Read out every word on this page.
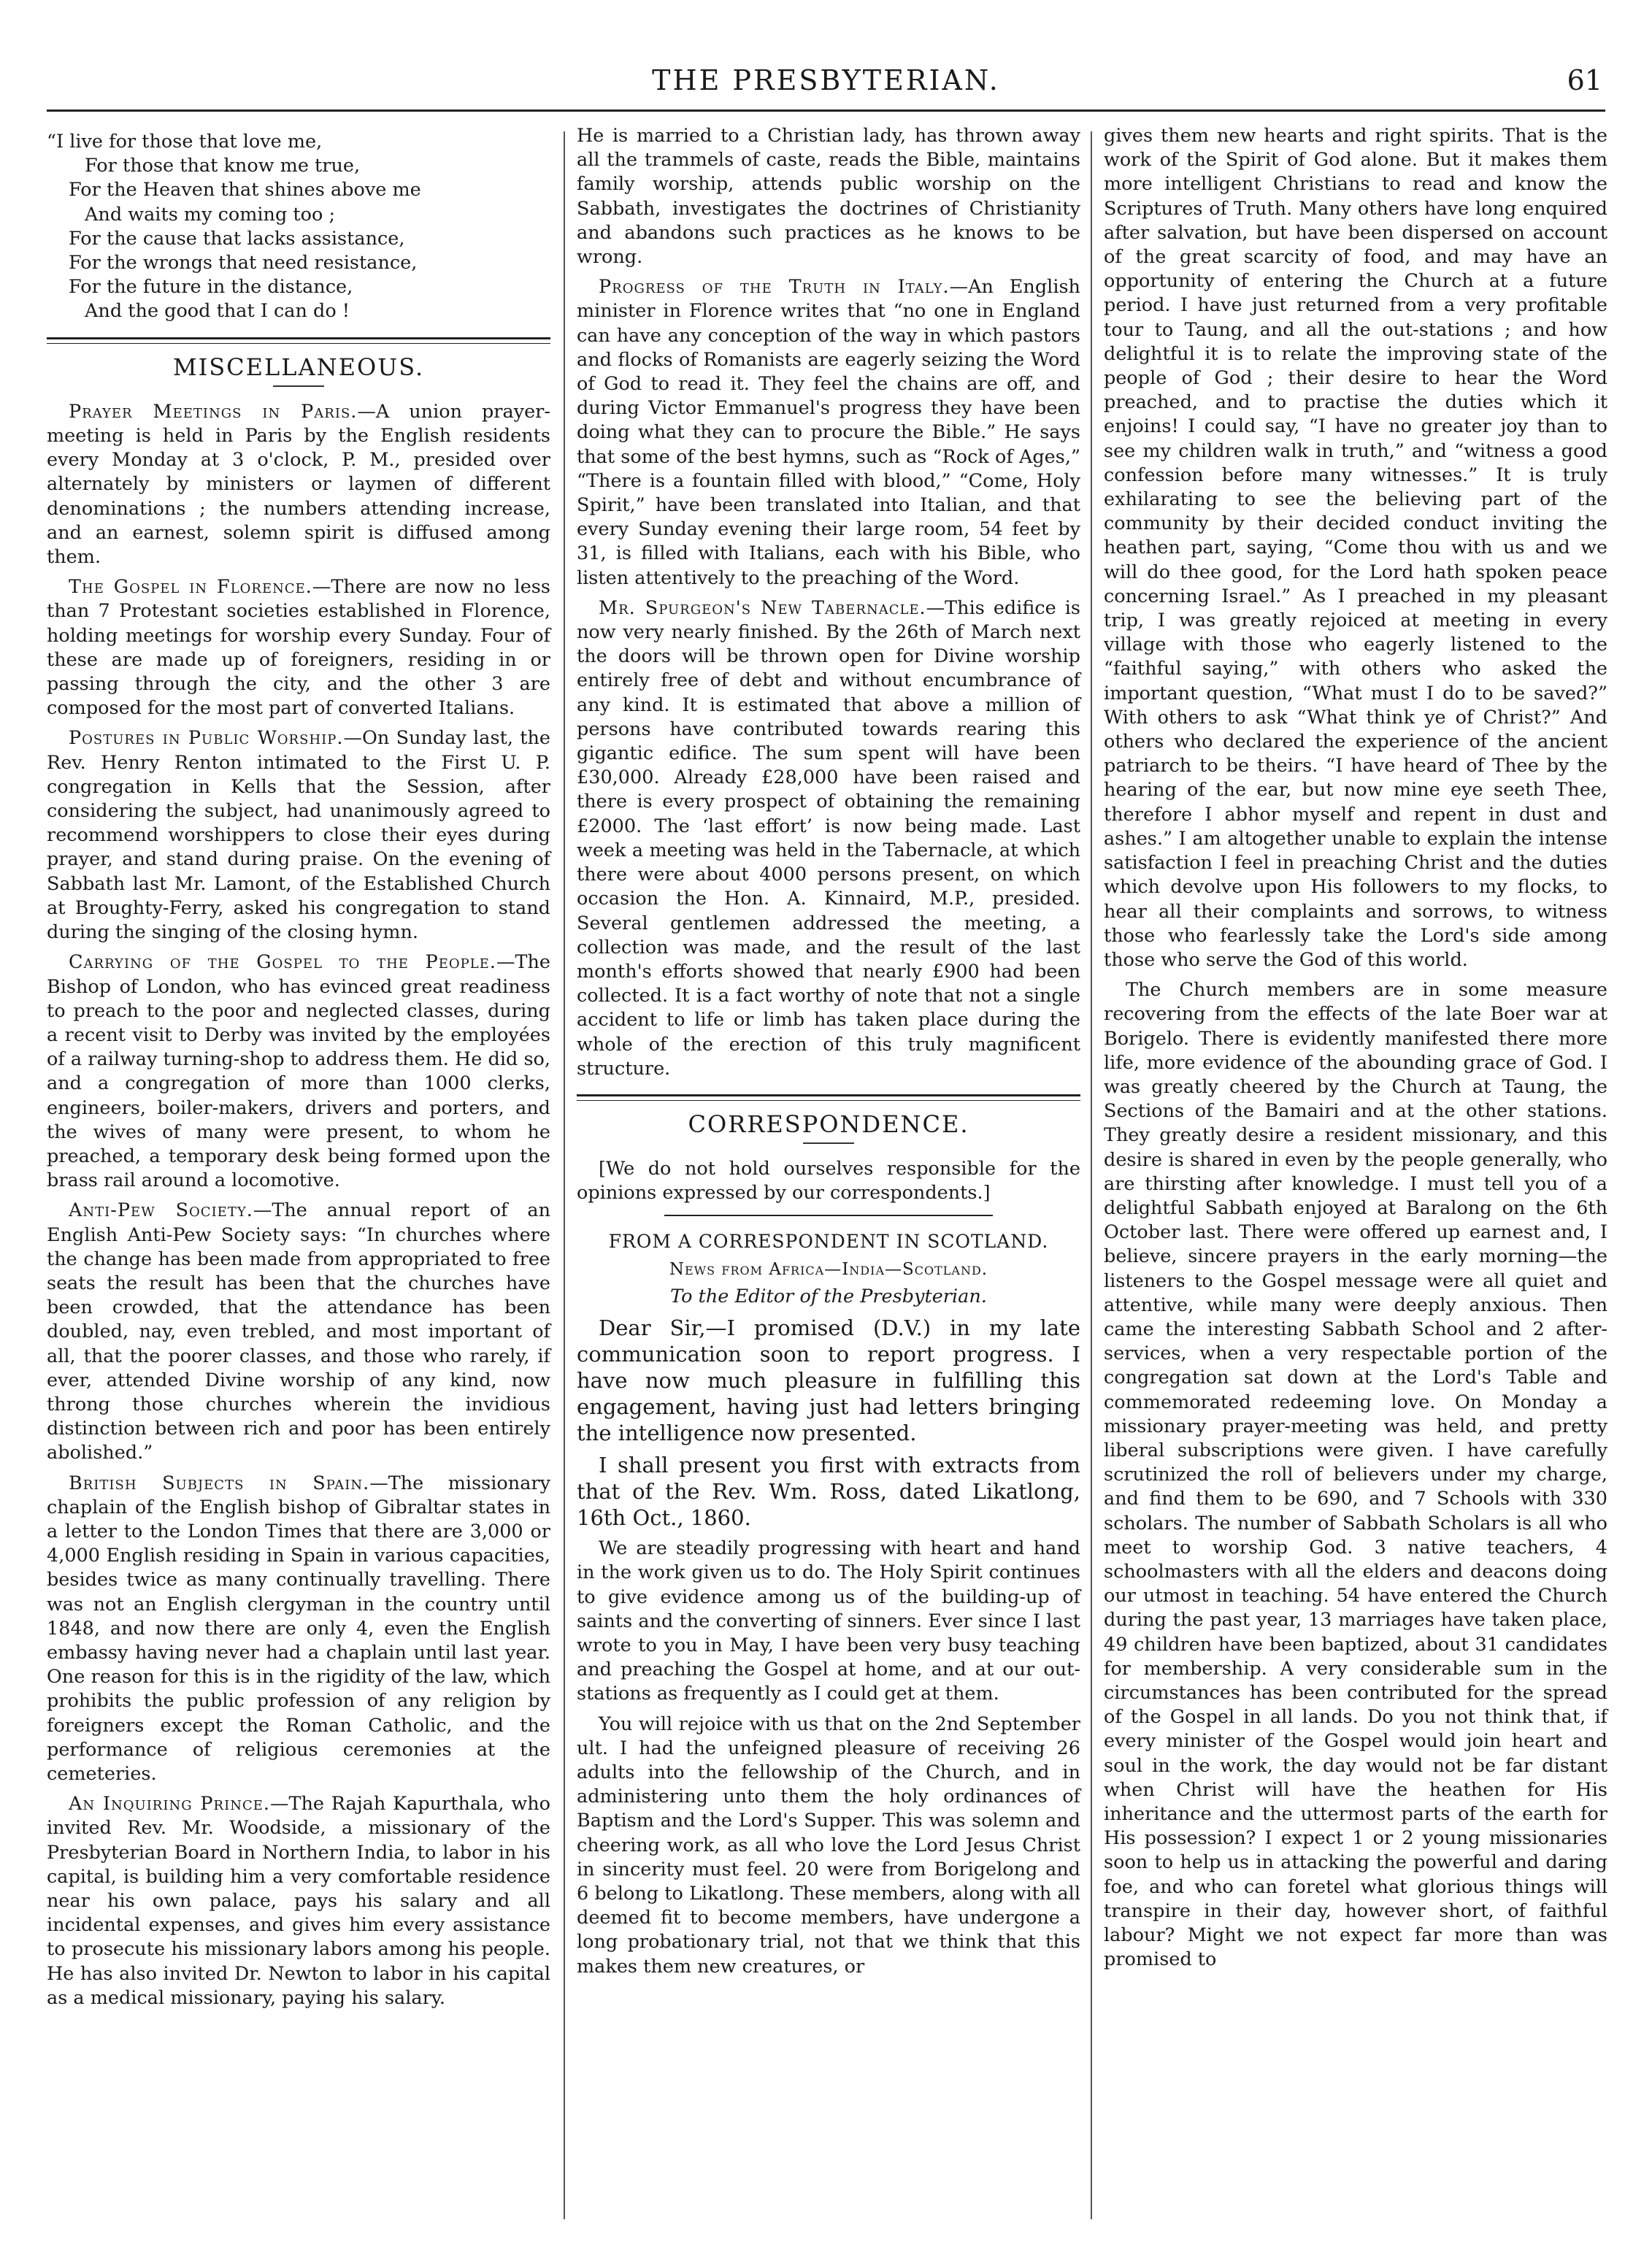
THE PRESBYTERIAN.	61
“I live for those that love me,
For those that know me true,
For the Heaven that shines above me
And waits my coming too ;
For the cause that lacks assistance,
For the wrongs that need resistance,
For the future in the distance,
And the good that I can do !
MISCELLANEOUS.

Prayer Meetings in Paris.—A union prayer-meeting is held in Paris by the English residents every Monday at 3 o'clock, P. M., presided over alternately by ministers or laymen of different denominations ; the numbers attending increase, and an earnest, solemn spirit is diffused among them.

The Gospel in Florence.—There are now no less than 7 Protestant societies established in Florence, holding meetings for worship every Sunday. Four of these are made up of foreigners, residing in or passing through the city, and the other 3 are composed for the most part of converted Italians.

Postures in Public Worship.—On Sunday last, the Rev. Henry Renton intimated to the First U. P. congregation in Kells that the Session, after considering the subject, had unanimously agreed to recommend worshippers to close their eyes during prayer, and stand during praise. On the evening of Sabbath last Mr. Lamont, of the Established Church at Broughty-Ferry, asked his congregation to stand during the singing of the closing hymn.

Carrying of the Gospel to the People.—The Bishop of London, who has evinced great readiness to preach to the poor and neglected classes, during a recent visit to Derby was invited by the employées of a railway turning-shop to address them. He did so, and a congregation of more than 1000 clerks, engineers, boiler-makers, drivers and porters, and the wives of many were present, to whom he preached, a temporary desk being formed upon the brass rail around a locomotive.

Anti-Pew Society.—The annual report of an English Anti-Pew Society says: “In churches where the change has been made from appropriated to free seats the result has been that the churches have been crowded, that the attendance has been doubled, nay, even trebled, and most important of all, that the poorer classes, and those who rarely, if ever, attended Divine worship of any kind, now throng those churches wherein the invidious distinction between rich and poor has been entirely abolished.”

British Subjects in Spain.—The missionary chaplain of the English bishop of Gibraltar states in a letter to the London Times that there are 3,000 or 4,000 English residing in Spain in various capacities, besides twice as many continually travelling. There was not an English clergyman in the country until 1848, and now there are only 4, even the English embassy having never had a chaplain until last year. One reason for this is in the rigidity of the law, which prohibits the public profession of any religion by foreigners except the Roman Catholic, and the performance of religious ceremonies at the cemeteries.

An Inquiring Prince.—The Rajah Kapurthala, who invited Rev. Mr. Woodside, a missionary of the Presbyterian Board in Northern India, to labor in his capital, is building him a very comfortable residence near his own palace, pays his salary and all incidental expenses, and gives him every assistance to prosecute his missionary labors among his people. He has also invited Dr. Newton to labor in his capital as a medical missionary, paying his salary.

He is married to a Christian lady, has thrown away all the trammels of caste, reads the Bible, maintains family worship, attends public worship on the Sabbath, investigates the doctrines of Christianity and abandons such practices as he knows to be wrong.

Progress of the Truth in Italy.—An English minister in Florence writes that “no one in England can have any conception of the way in which pastors and flocks of Romanists are eagerly seizing the Word of God to read it. They feel the chains are off, and during Victor Emmanuel's progress they have been doing what they can to procure the Bible.” He says that some of the best hymns, such as “Rock of Ages,” “There is a fountain filled with blood,” “Come, Holy Spirit,” have been translated into Italian, and that every Sunday evening their large room, 54 feet by 31, is filled with Italians, each with his Bible, who listen attentively to the preaching of the Word.

Mr. Spurgeon's New Tabernacle.—This edifice is now very nearly finished. By the 26th of March next the doors will be thrown open for Divine worship entirely free of debt and without encumbrance of any kind. It is estimated that above a million of persons have contributed towards rearing this gigantic edifice. The sum spent will have been £30,000. Already £28,000 have been raised and there is every prospect of obtaining the remaining £2000. The ‘last effort’ is now being made. Last week a meeting was held in the Tabernacle, at which there were about 4000 persons present, on which occasion the Hon. A. Kinnaird, M.P., presided. Several gentlemen addressed the meeting, a collection was made, and the result of the last month's efforts showed that nearly £900 had been collected. It is a fact worthy of note that not a single accident to life or limb has taken place during the whole of the erection of this truly magnificent structure.

CORRESPONDENCE.

[We do not hold ourselves responsible for the opinions expressed by our correspondents.]

FROM A CORRESPONDENT IN SCOTLAND.
News from Africa—India—Scotland.
To the Editor of the Presbyterian.

Dear Sir,—I promised (D.V.) in my late communication soon to report progress. I have now much pleasure in fulfilling this engagement, having just had letters bringing the intelligence now presented.

I shall present you first with extracts from that of the Rev. Wm. Ross, dated Likatlong, 16th Oct., 1860.

We are steadily progressing with heart and hand in the work given us to do. The Holy Spirit continues to give evidence among us of the building-up of saints and the converting of sinners. Ever since I last wrote to you in May, I have been very busy teaching and preaching the Gospel at home, and at our out-stations as frequently as I could get at them.

You will rejoice with us that on the 2nd September ult. I had the unfeigned pleasure of receiving 26 adults into the fellowship of the Church, and in administering unto them the holy ordinances of Baptism and the Lord's Supper. This was solemn and cheering work, as all who love the Lord Jesus Christ in sincerity must feel. 20 were from Borigelong and 6 belong to Likatlong. These members, along with all deemed fit to become members, have undergone a long probationary trial, not that we think that this makes them new creatures, or

gives them new hearts and right spirits. That is the work of the Spirit of God alone. But it makes them more intelligent Christians to read and know the Scriptures of Truth. Many others have long enquired after salvation, but have been dispersed on account of the great scarcity of food, and may have an opportunity of entering the Church at a future period. I have just returned from a very profitable tour to Taung, and all the out-stations ; and how delightful it is to relate the improving state of the people of God ; their desire to hear the Word preached, and to practise the duties which it enjoins! I could say, “I have no greater joy than to see my children walk in truth,” and “witness a good confession before many witnesses.” It is truly exhilarating to see the believing part of the community by their decided conduct inviting the heathen part, saying, “Come thou with us and we will do thee good, for the Lord hath spoken peace concerning Israel.” As I preached in my pleasant trip, I was greatly rejoiced at meeting in every village with those who eagerly listened to the “faithful saying,” with others who asked the important question, “What must I do to be saved?” With others to ask “What think ye of Christ?” And others who declared the experience of the ancient patriarch to be theirs. “I have heard of Thee by the hearing of the ear, but now mine eye seeth Thee, therefore I abhor myself and repent in dust and ashes.” I am altogether unable to explain the intense satisfaction I feel in preaching Christ and the duties which devolve upon His followers to my flocks, to hear all their complaints and sorrows, to witness those who fearlessly take the Lord's side among those who serve the God of this world.

The Church members are in some measure recovering from the effects of the late Boer war at Borigelo. There is evidently manifested there more life, more evidence of the abounding grace of God. I was greatly cheered by the Church at Taung, the Sections of the Bamairi and at the other stations. They greatly desire a resident missionary, and this desire is shared in even by the people generally, who are thirsting after knowledge. I must tell you of a delightful Sabbath enjoyed at Baralong on the 6th October last. There were offered up earnest and, I believe, sincere prayers in the early morning—the listeners to the Gospel message were all quiet and attentive, while many were deeply anxious. Then came the interesting Sabbath School and 2 after-services, when a very respectable portion of the congregation sat down at the Lord's Table and commemorated redeeming love. On Monday a missionary prayer-meeting was held, and pretty liberal subscriptions were given. I have carefully scrutinized the roll of believers under my charge, and find them to be 690, and 7 Schools with 330 scholars. The number of Sabbath Scholars is all who meet to worship God. 3 native teachers, 4 schoolmasters with all the elders and deacons doing our utmost in teaching. 54 have entered the Church during the past year, 13 marriages have taken place, 49 children have been baptized, about 31 candidates for membership. A very considerable sum in the circumstances has been contributed for the spread of the Gospel in all lands. Do you not think that, if every minister of the Gospel would join heart and soul in the work, the day would not be far distant when Christ will have the heathen for His inheritance and the uttermost parts of the earth for His possession? I expect 1 or 2 young missionaries soon to help us in attacking the powerful and daring foe, and who can foretel what glorious things will transpire in their day, however short, of faithful labour? Might we not expect far more than was promised to
